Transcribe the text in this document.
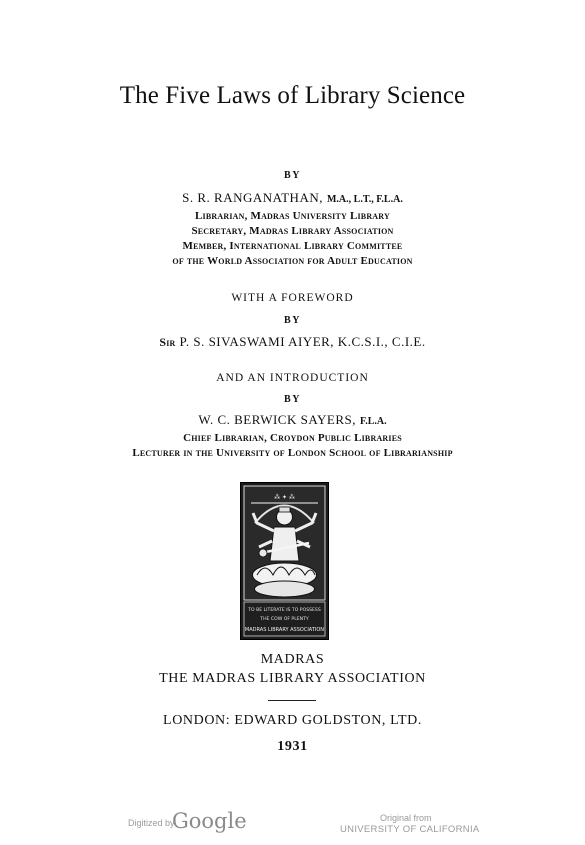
The Five Laws of Library Science
BY
S. R. RANGANATHAN, M.A., L.T., F.L.A.
Librarian, Madras University Library
Secretary, Madras Library Association
Member, International Library Committee
of the World Association for Adult Education
WITH A FOREWORD
BY
Sir P. S. SIVASWAMI AIYER, K.C.S.I., C.I.E.
AND AN INTRODUCTION
BY
W. C. BERWICK SAYERS, F.L.A.
Chief Librarian, Croydon Public Libraries
Lecturer in the University of London School of Librarianship
⁂ ✦ ⁂
TO BE LITERATE IS TO POSSESS
THE COW OF PLENTY
MADRAS LIBRARY ASSOCIATION
MADRAS
THE MADRAS LIBRARY ASSOCIATION
LONDON: EDWARD GOLDSTON, LTD.
1931
Digitized by
Google	Original from
UNIVERSITY OF CALIFORNIA
